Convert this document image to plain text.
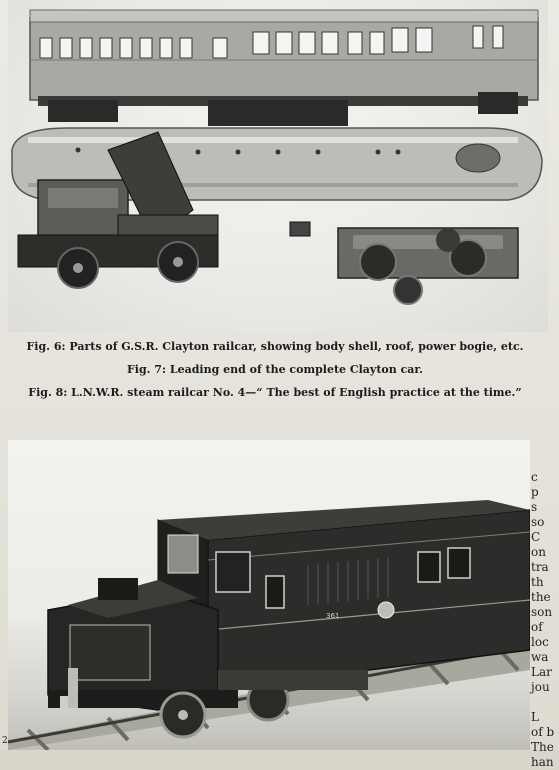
Fig. 6: Parts of G.S.R. Clayton railcar, showing body shell, roof, power bogie, etc.

Fig. 7: Leading end of the complete Clayton car.

Fig. 8: L.N.W.R. steam railcar No. 4—“ The best of English practice at the time.”

361
c
p
s
so
C
on
tra
th
the
son
of
loc
wa
Lar
jou
L
of b
The
han
2
